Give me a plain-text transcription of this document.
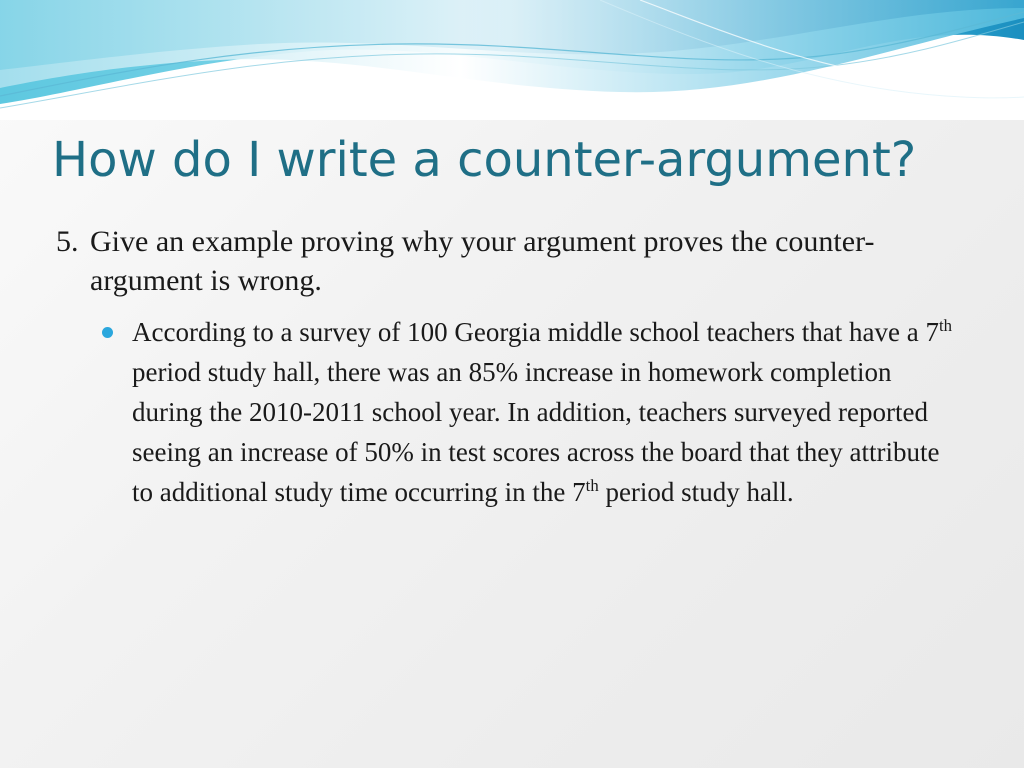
How do I write a counter-argument?
5. Give an example proving why your argument proves the counter-argument is wrong.
According to a survey of 100 Georgia middle school teachers that have a 7th period study hall, there was an 85% increase in homework completion during the 2010-2011 school year. In addition, teachers surveyed reported seeing an increase of 50% in test scores across the board that they attribute to additional study time occurring in the 7th period study hall.
